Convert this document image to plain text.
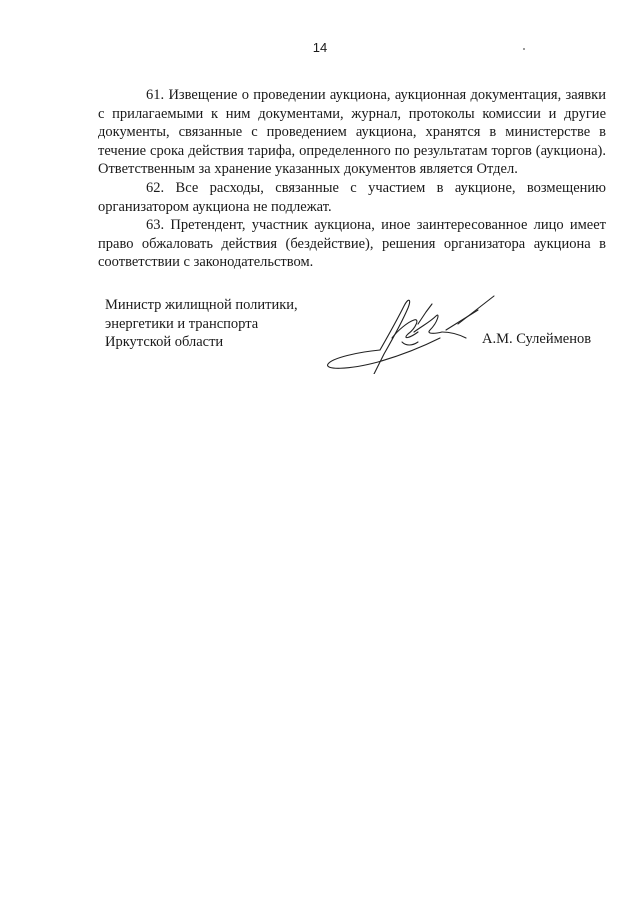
14

61. Извещение о проведении аукциона, аукционная документация, заявки с прилагаемыми к ним документами, журнал, протоколы комиссии и другие документы, связанные с проведением аукциона, хранятся в министерстве в течение срока действия тарифа, определенного по результатам торгов (аукциона). Ответственным за хранение указанных документов является Отдел.

62. Все расходы, связанные с участием в аукционе, возмещению организатором аукциона не подлежат.

63. Претендент, участник аукциона, иное заинтересованное лицо имеет право обжаловать действия (бездействие), решения организатора аукциона в соответствии с законодательством.

Министр жилищной политики,
энергетики и транспорта
Иркутской области	А.М. Сулейменов
